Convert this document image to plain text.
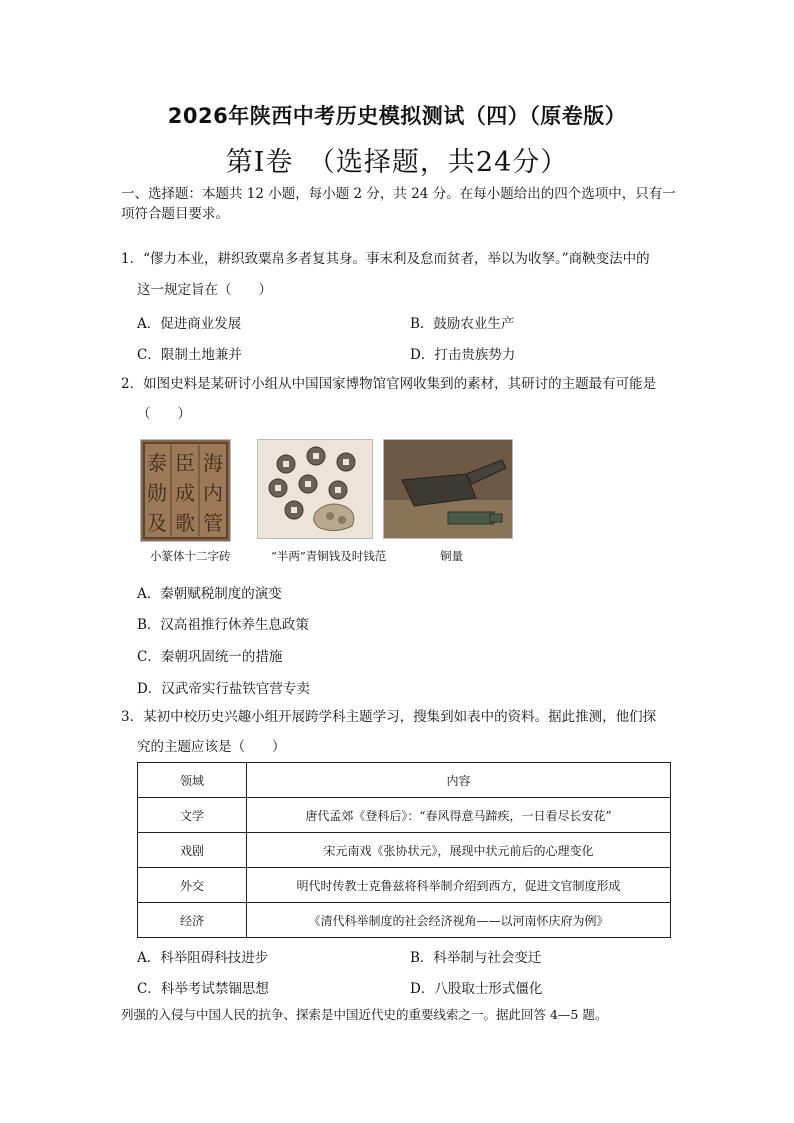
2026年陕西中考历史模拟测试（四）（原卷版）
第Ⅰ卷　（选择题，共24分）
一、选择题：本题共 12 小题，每小题 2 分，共 24 分。在每小题给出的四个选项中，只有一项符合题目要求。
1．“僇力本业，耕织致粟帛多者复其身。事末利及怠而贫者，举以为收孥。”商鞅变法中的
这一规定旨在（　　）
A．促进商业发展	B．鼓励农业生产
C．限制土地兼并	D．打击贵族势力
2．如图史料是某研讨小组从中国国家博物馆官网收集到的素材，其研讨的主题最有可能是
（　　）
泰 臣 海
勋 成 内
及 歌 管
小篆体十二字砖	“半两”青铜钱及时钱范	铜量
A．秦朝赋税制度的演变
B．汉高祖推行休养生息政策
C．秦朝巩固统一的措施
D．汉武帝实行盐铁官营专卖
3．某初中校历史兴趣小组开展跨学科主题学习，搜集到如表中的资料。据此推测，他们探
究的主题应该是（　　）
领域	内容
文学	唐代孟郊《登科后》：“春风得意马蹄疾，一日看尽长安花”
戏剧	宋元南戏《张协状元》，展现中状元前后的心理变化
外交	明代时传教士克鲁兹将科举制介绍到西方，促进文官制度形成
经济	《清代科举制度的社会经济视角——以河南怀庆府为例》
A．科举阻碍科技进步	B．科举制与社会变迁
C．科举考试禁锢思想	D．八股取士形式僵化
列强的入侵与中国人民的抗争、探索是中国近代史的重要线索之一。据此回答 4—5 题。
